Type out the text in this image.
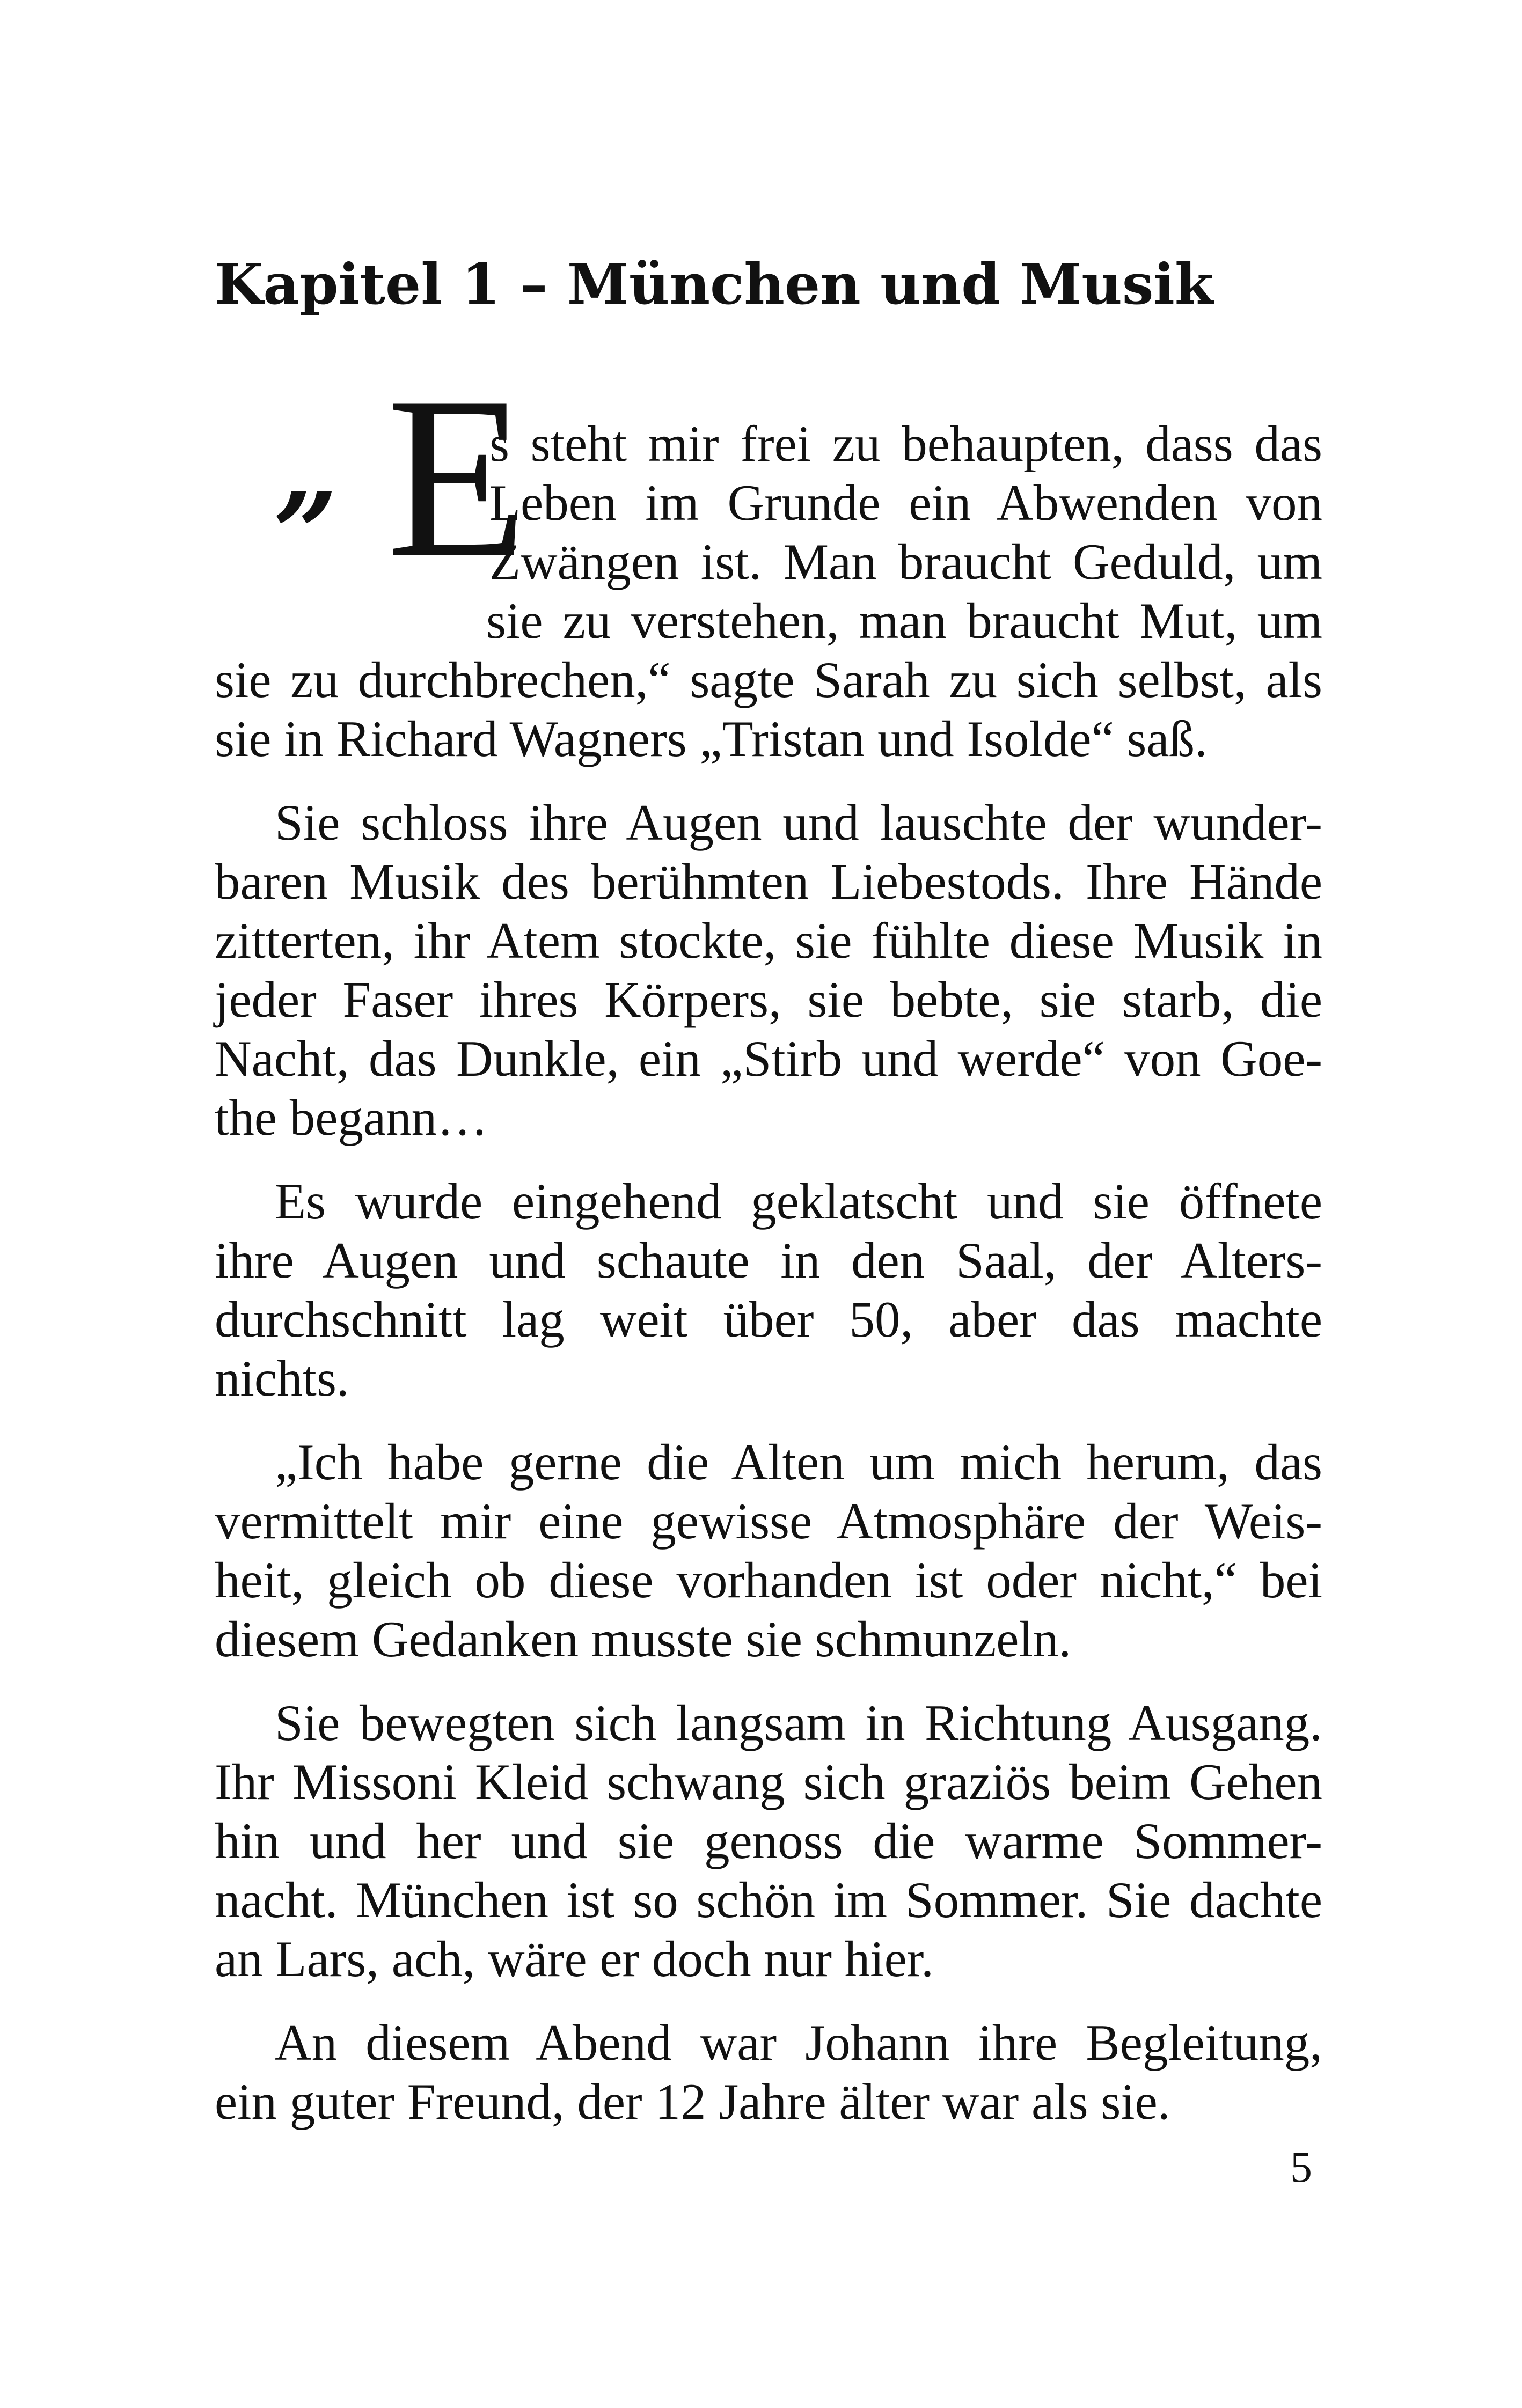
Kapitel 1 – München und Musik
„ E
s steht mir frei zu behaupten, dass das
Leben im Grunde ein Abwenden von
Zwängen ist. Man braucht Geduld, um
sie zu verstehen, man braucht Mut, um
sie zu durchbrechen,“ sagte Sarah zu sich selbst, als
sie in Richard Wagners „Tristan und Isolde“ saß.
Sie schloss ihre Augen und lauschte der wunder-
baren Musik des berühmten Liebestods. Ihre Hände
zitterten, ihr Atem stockte, sie fühlte diese Musik in
jeder Faser ihres Körpers, sie bebte, sie starb, die
Nacht, das Dunkle, ein „Stirb und werde“ von Goe-
the begann…
Es wurde eingehend geklatscht und sie öffnete
ihre Augen und schaute in den Saal, der Alters-
durchschnitt lag weit über 50, aber das machte
nichts.
„Ich habe gerne die Alten um mich herum, das
vermittelt mir eine gewisse Atmosphäre der Weis-
heit, gleich ob diese vorhanden ist oder nicht,“ bei
diesem Gedanken musste sie schmunzeln.
Sie bewegten sich langsam in Richtung Ausgang.
Ihr Missoni Kleid schwang sich graziös beim Gehen
hin und her und sie genoss die warme Sommer-
nacht. München ist so schön im Sommer. Sie dachte
an Lars, ach, wäre er doch nur hier.
An diesem Abend war Johann ihre Begleitung,
ein guter Freund, der 12 Jahre älter war als sie.
5
